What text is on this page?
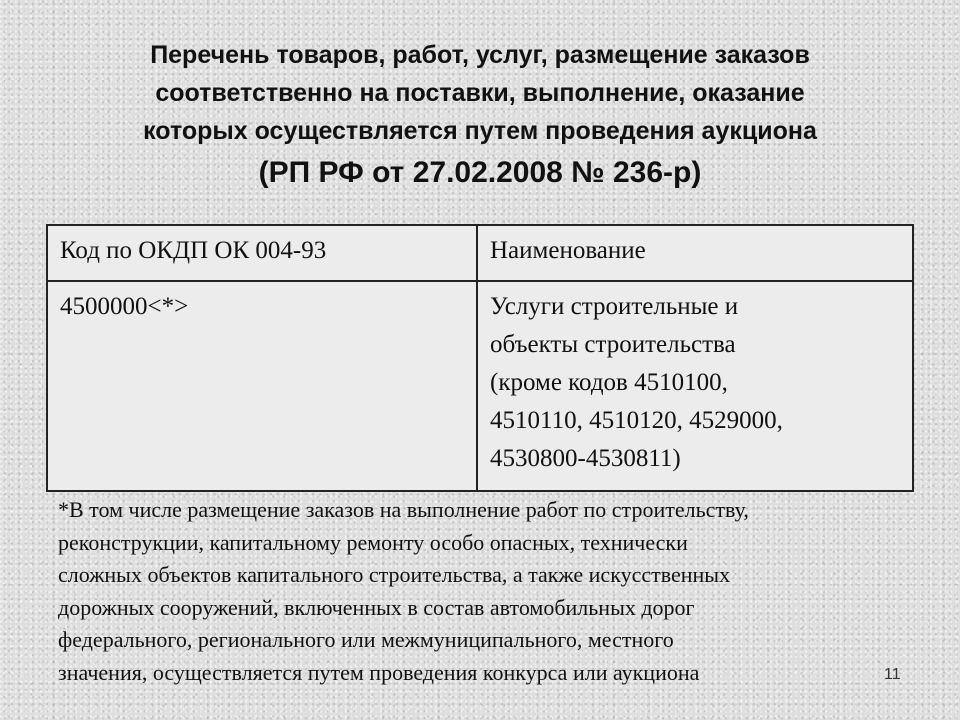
Перечень товаров, работ, услуг, размещение заказов
соответственно на поставки, выполнение, оказание
которых осуществляется путем проведения аукциона
(РП РФ от 27.02.2008 № 236-р)
Код по ОКДП ОК 004-93	Наименование
4500000<*>	Услуги строительные и
объекты строительства
(кроме кодов 4510100,
4510110, 4510120, 4529000,
4530800-4530811)
*В том числе размещение заказов на выполнение работ по строительству,
реконструкции, капитальному ремонту особо опасных, технически
сложных объектов капитального строительства, а также искусственных
дорожных сооружений, включенных в состав автомобильных дорог
федерального, регионального или межмуниципального, местного
значения, осуществляется путем проведения конкурса или аукциона	11
